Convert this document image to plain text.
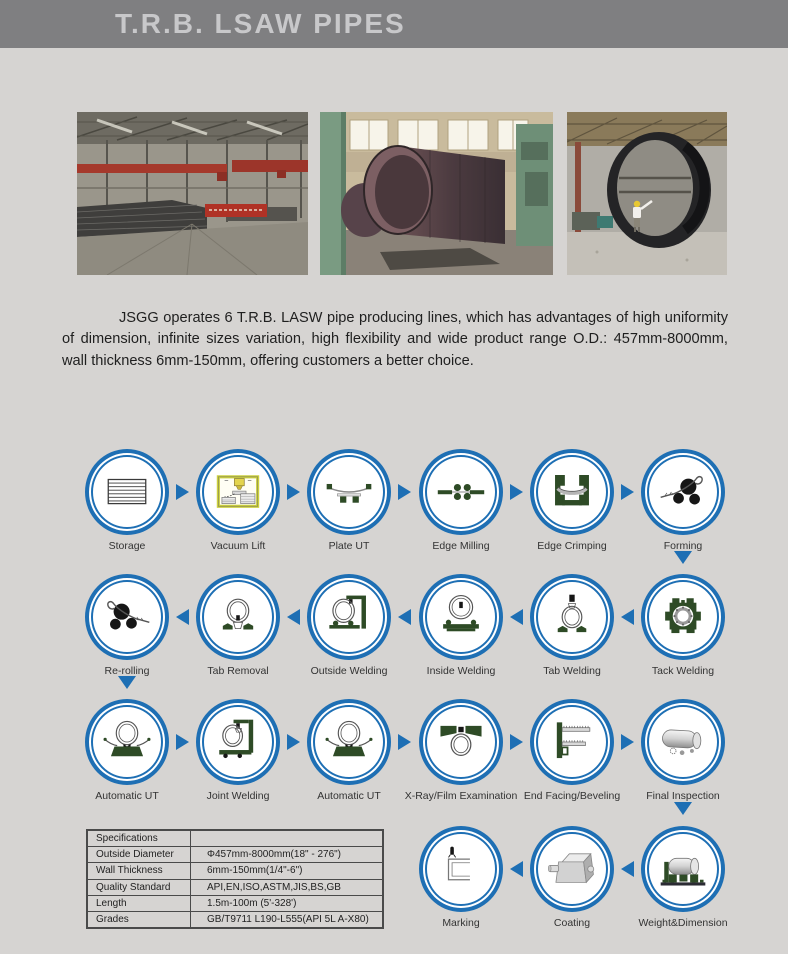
T.R.B. LSAW PIPES

JSGG operates 6 T.R.B. LASW pipe producing lines, which has advantages of high uniformity of dimension, infinite sizes variation, high flexibility and wide product range O.D.: 457mm-8000mm, wall thickness 6mm-150mm, offering customers a better choice.

Storage	Vacuum Lift	Plate UT	Edge Milling	Edge Crimping	Forming
Re-rolling	Tab Removal	Outside Welding	Inside Welding	Tab Welding	Tack Welding
Automatic UT	Joint Welding	Automatic UT	X-Ray/Film Examination End Facing/Beveling	Final Inspection
Marking	Coating	Weight&Dimension
Specifications	
Outside Diameter	Φ457mm-8000mm(18" - 276")
Wall Thickness	6mm-150mm(1/4"-6")
Quality Standard	API,EN,ISO,ASTM,JIS,BS,GB
Length	1.5m-100m (5'-328')
Grades	GB/T9711 L190-L555(API 5L A-X80)
